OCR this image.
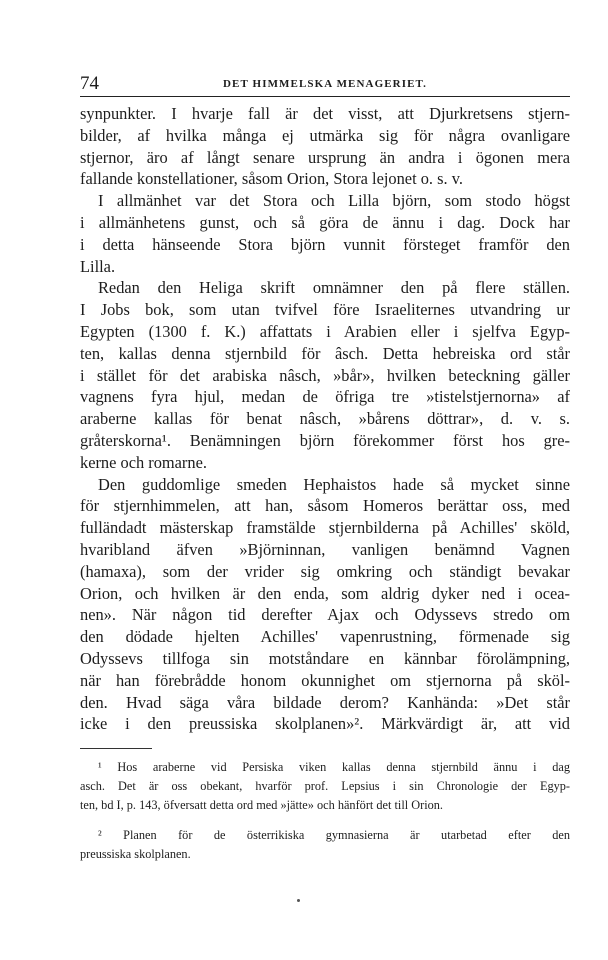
74	DET HIMMELSKA MENAGERIET.
synpunkter. I hvarje fall är det visst, att Djurkretsens stjern-
bilder, af hvilka många ej utmärka sig för några ovanligare
stjernor, äro af långt senare ursprung än andra i ögonen mera
fallande konstellationer, såsom Orion, Stora lejonet o. s. v.
I allmänhet var det Stora och Lilla björn, som stodo högst
i allmänhetens gunst, och så göra de ännu i dag. Dock har
i detta hänseende Stora björn vunnit försteget framför den
Lilla.
Redan den Heliga skrift omnämner den på flere ställen.
I Jobs bok, som utan tvifvel före Israeliternes utvandring ur
Egypten (1300 f. K.) affattats i Arabien eller i sjelfva Egyp-
ten, kallas denna stjernbild för âsch. Detta hebreiska ord står
i stället för det arabiska nâsch, »bår», hvilken beteckning gäller
vagnens fyra hjul, medan de öfriga tre »tistelstjernorna» af
araberne kallas för benat nâsch, »bårens döttrar», d. v. s.
gråterskorna¹. Benämningen björn förekommer först hos gre-
kerne och romarne.
Den guddomlige smeden Hephaistos hade så mycket sinne
för stjernhimmelen, att han, såsom Homeros berättar oss, med
fulländadt mästerskap framstälde stjernbilderna på Achilles' sköld,
hvaribland äfven »Björninnan, vanligen benämnd Vagnen
(hamaxa), som der vrider sig omkring och ständigt bevakar
Orion, och hvilken är den enda, som aldrig dyker ned i ocea-
nen». När någon tid derefter Ajax och Odyssevs stredo om
den dödade hjelten Achilles' vapenrustning, förmenade sig
Odyssevs tillfoga sin motståndare en kännbar förolämpning,
när han förebrådde honom okunnighet om stjernorna på sköl-
den. Hvad säga våra bildade derom? Kanhända: »Det står
icke i den preussiska skolplanen»². Märkvärdigt är, att vid
¹ Hos araberne vid Persiska viken kallas denna stjernbild ännu i dag
asch. Det är oss obekant, hvarför prof. Lepsius i sin Chronologie der Egyp-
ten, bd I, p. 143, öfversatt detta ord med »jätte» och hänfört det till Orion.
² Planen för de österrikiska gymnasierna är utarbetad efter den
preussiska skolplanen.
